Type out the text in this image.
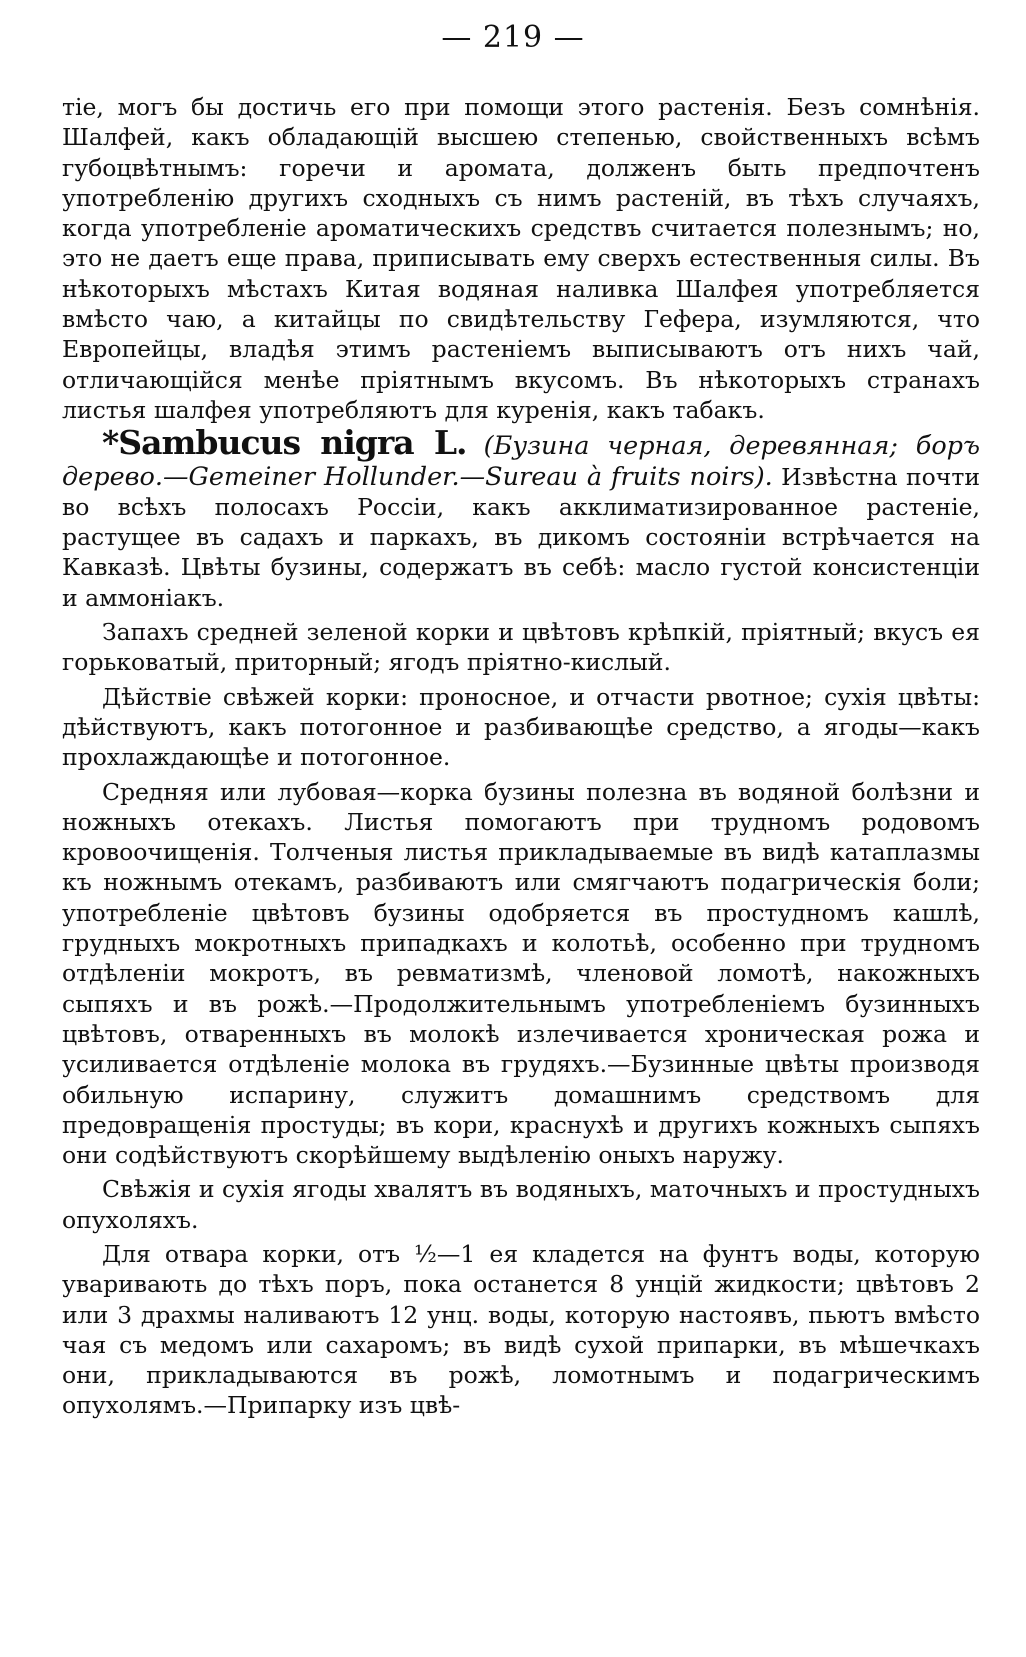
— 219 —

тіе, могъ бы достичь его при помощи этого растенія. Безъ сомнѣнія. Шалфей, какъ обладающій высшею степенью, свойственныхъ всѣмъ губоцвѣтнымъ: горечи и аромата, долженъ быть предпочтенъ употребленію другихъ сходныхъ съ нимъ растеній, въ тѣхъ случаяхъ, когда употребленіе ароматическихъ средствъ считается полезнымъ; но, это не даетъ еще права, приписывать ему сверхъ естественныя силы. Въ нѣкоторыхъ мѣстахъ Китая водяная наливка Шалфея употребляется вмѣсто чаю, а китайцы по свидѣтельству Гефера, изумляются, что Европейцы, владѣя этимъ растеніемъ выписываютъ отъ нихъ чай, отличающійся менѣе пріятнымъ вкусомъ. Въ нѣкоторыхъ странахъ листья шалфея употребляютъ для куренія, какъ табакъ.

*Sambucus nigra L. (Бузина черная, деревянная; боръ дерево.—Gemeiner Hollunder.—Sureau à fruits noirs). Извѣстна почти во всѣхъ полосахъ Россіи, какъ акклиматизированное растеніе, растущее въ садахъ и паркахъ, въ дикомъ состояніи встрѣчается на Кавказѣ. Цвѣты бузины, содержатъ въ себѣ: масло густой консистенціи и аммоніакъ.

Запахъ средней зеленой корки и цвѣтовъ крѣпкій, пріятный; вкусъ ея горьковатый, приторный; ягодъ пріятно-кислый.

Дѣйствіе свѣжей корки: проносное, и отчасти рвотное; сухія цвѣты: дѣйствуютъ, какъ потогонное и разбивающѣе средство, а ягоды—какъ прохлаждающѣе и потогонное.

Средняя или лубовая—корка бузины полезна въ водяной болѣзни и ножныхъ отекахъ. Листья помогаютъ при трудномъ родовомъ кровоочищенія. Толченыя листья прикладываемые въ видѣ катаплазмы къ ножнымъ отекамъ, разбиваютъ или смягчаютъ подагрическія боли; употребленіе цвѣтовъ бузины одобряется въ простудномъ кашлѣ, грудныхъ мокротныхъ припадкахъ и колотьѣ, особенно при трудномъ отдѣленіи мокротъ, въ ревматизмѣ, членовой ломотѣ, накожныхъ сыпяхъ и въ рожѣ.—Продолжительнымъ употребленіемъ бузинныхъ цвѣтовъ, отваренныхъ въ молокѣ излечивается хроническая рожа и усиливается отдѣленіе молока въ грудяхъ.—Бузинные цвѣты производя обильную испарину, служитъ домашнимъ средствомъ для предовращенія простуды; въ кори, краснухѣ и другихъ кожныхъ сыпяхъ они содѣйствуютъ скорѣйшему выдѣленію оныхъ наружу.

Свѣжія и сухія ягоды хвалятъ въ водяныхъ, маточныхъ и простудныхъ опухоляхъ.

Для отвара корки, отъ ½—1 ея кладется на фунтъ воды, которую уваривають до тѣхъ поръ, пока останется 8 унцій жидкости; цвѣтовъ 2 или 3 драхмы наливаютъ 12 унц. воды, которую настоявъ, пьютъ вмѣсто чая съ медомъ или сахаромъ; въ видѣ сухой припарки, въ мѣшечкахъ они, прикладываются въ рожѣ, ломотнымъ и подагрическимъ опухолямъ.—Припарку изъ цвѣ-
